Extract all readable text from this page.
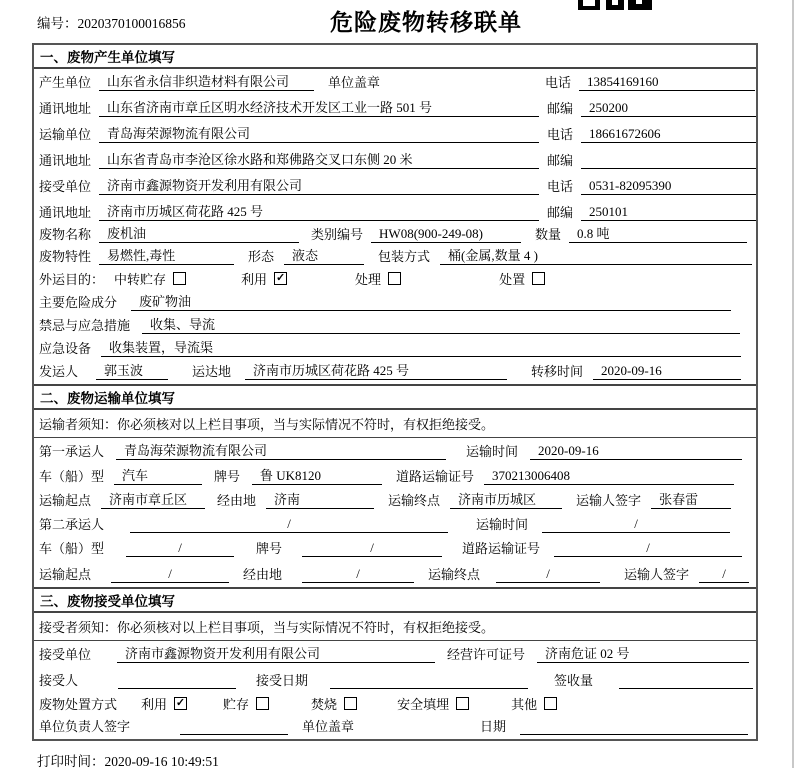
编号：2020370100016856	危险废物转移联单
一、废物产生单位填写
产生单位	山东省永信非织造材料有限公司	单位盖章	电话	13854169160
通讯地址	山东省济南市章丘区明水经济技术开发区工业一路 501 号	邮编	250200
运输单位	青岛海荣源物流有限公司	电话	18661672606
通讯地址	山东省青岛市李沧区徐水路和郑佛路交叉口东侧 20 米	邮编
接受单位	济南市鑫源物资开发利用有限公司	电话	0531-82095390
通讯地址	济南市历城区荷花路 425 号	邮编	250101
废物名称	废机油	类别编号	HW08(900-249-08)	数量	0.8 吨
废物特性	易燃性,毒性	形态	液态	包装方式	桶(金属,数量 4 )
外运目的： 中转贮存	利用 ✓	处理	处置
主要危险成分	废矿物油
禁忌与应急措施	收集、导流
应急设备	收集装置，导流渠
发运人	郭玉波	运达地	济南市历城区荷花路 425 号	转移时间	2020-09-16
二、废物运输单位填写
运输者须知：你必须核对以上栏目事项，当与实际情况不符时，有权拒绝接受。
第一承运人	青岛海荣源物流有限公司	运输时间	2020-09-16
车（船）型	汽车	牌号	鲁 UK8120	道路运输证号	370213006408
运输起点	济南市章丘区	经由地	济南	运输终点	济南市历城区	运输人签字	张春雷
第二承运人	/	运输时间	/
车（船）型	/	牌号	/	道路运输证号	/
运输起点	/	经由地	/	运输终点	/	运输人签字	/
三、废物接受单位填写
接受者须知：你必须核对以上栏目事项，当与实际情况不符时，有权拒绝接受。
接受单位	济南市鑫源物资开发利用有限公司	经营许可证号	济南危证 02 号
接受人	接受日期	签收量
废物处置方式 利用 ✓	贮存	焚烧	安全填埋	其他
单位负责人签字	单位盖章	日期
打印时间：2020-09-16 10:49:51
